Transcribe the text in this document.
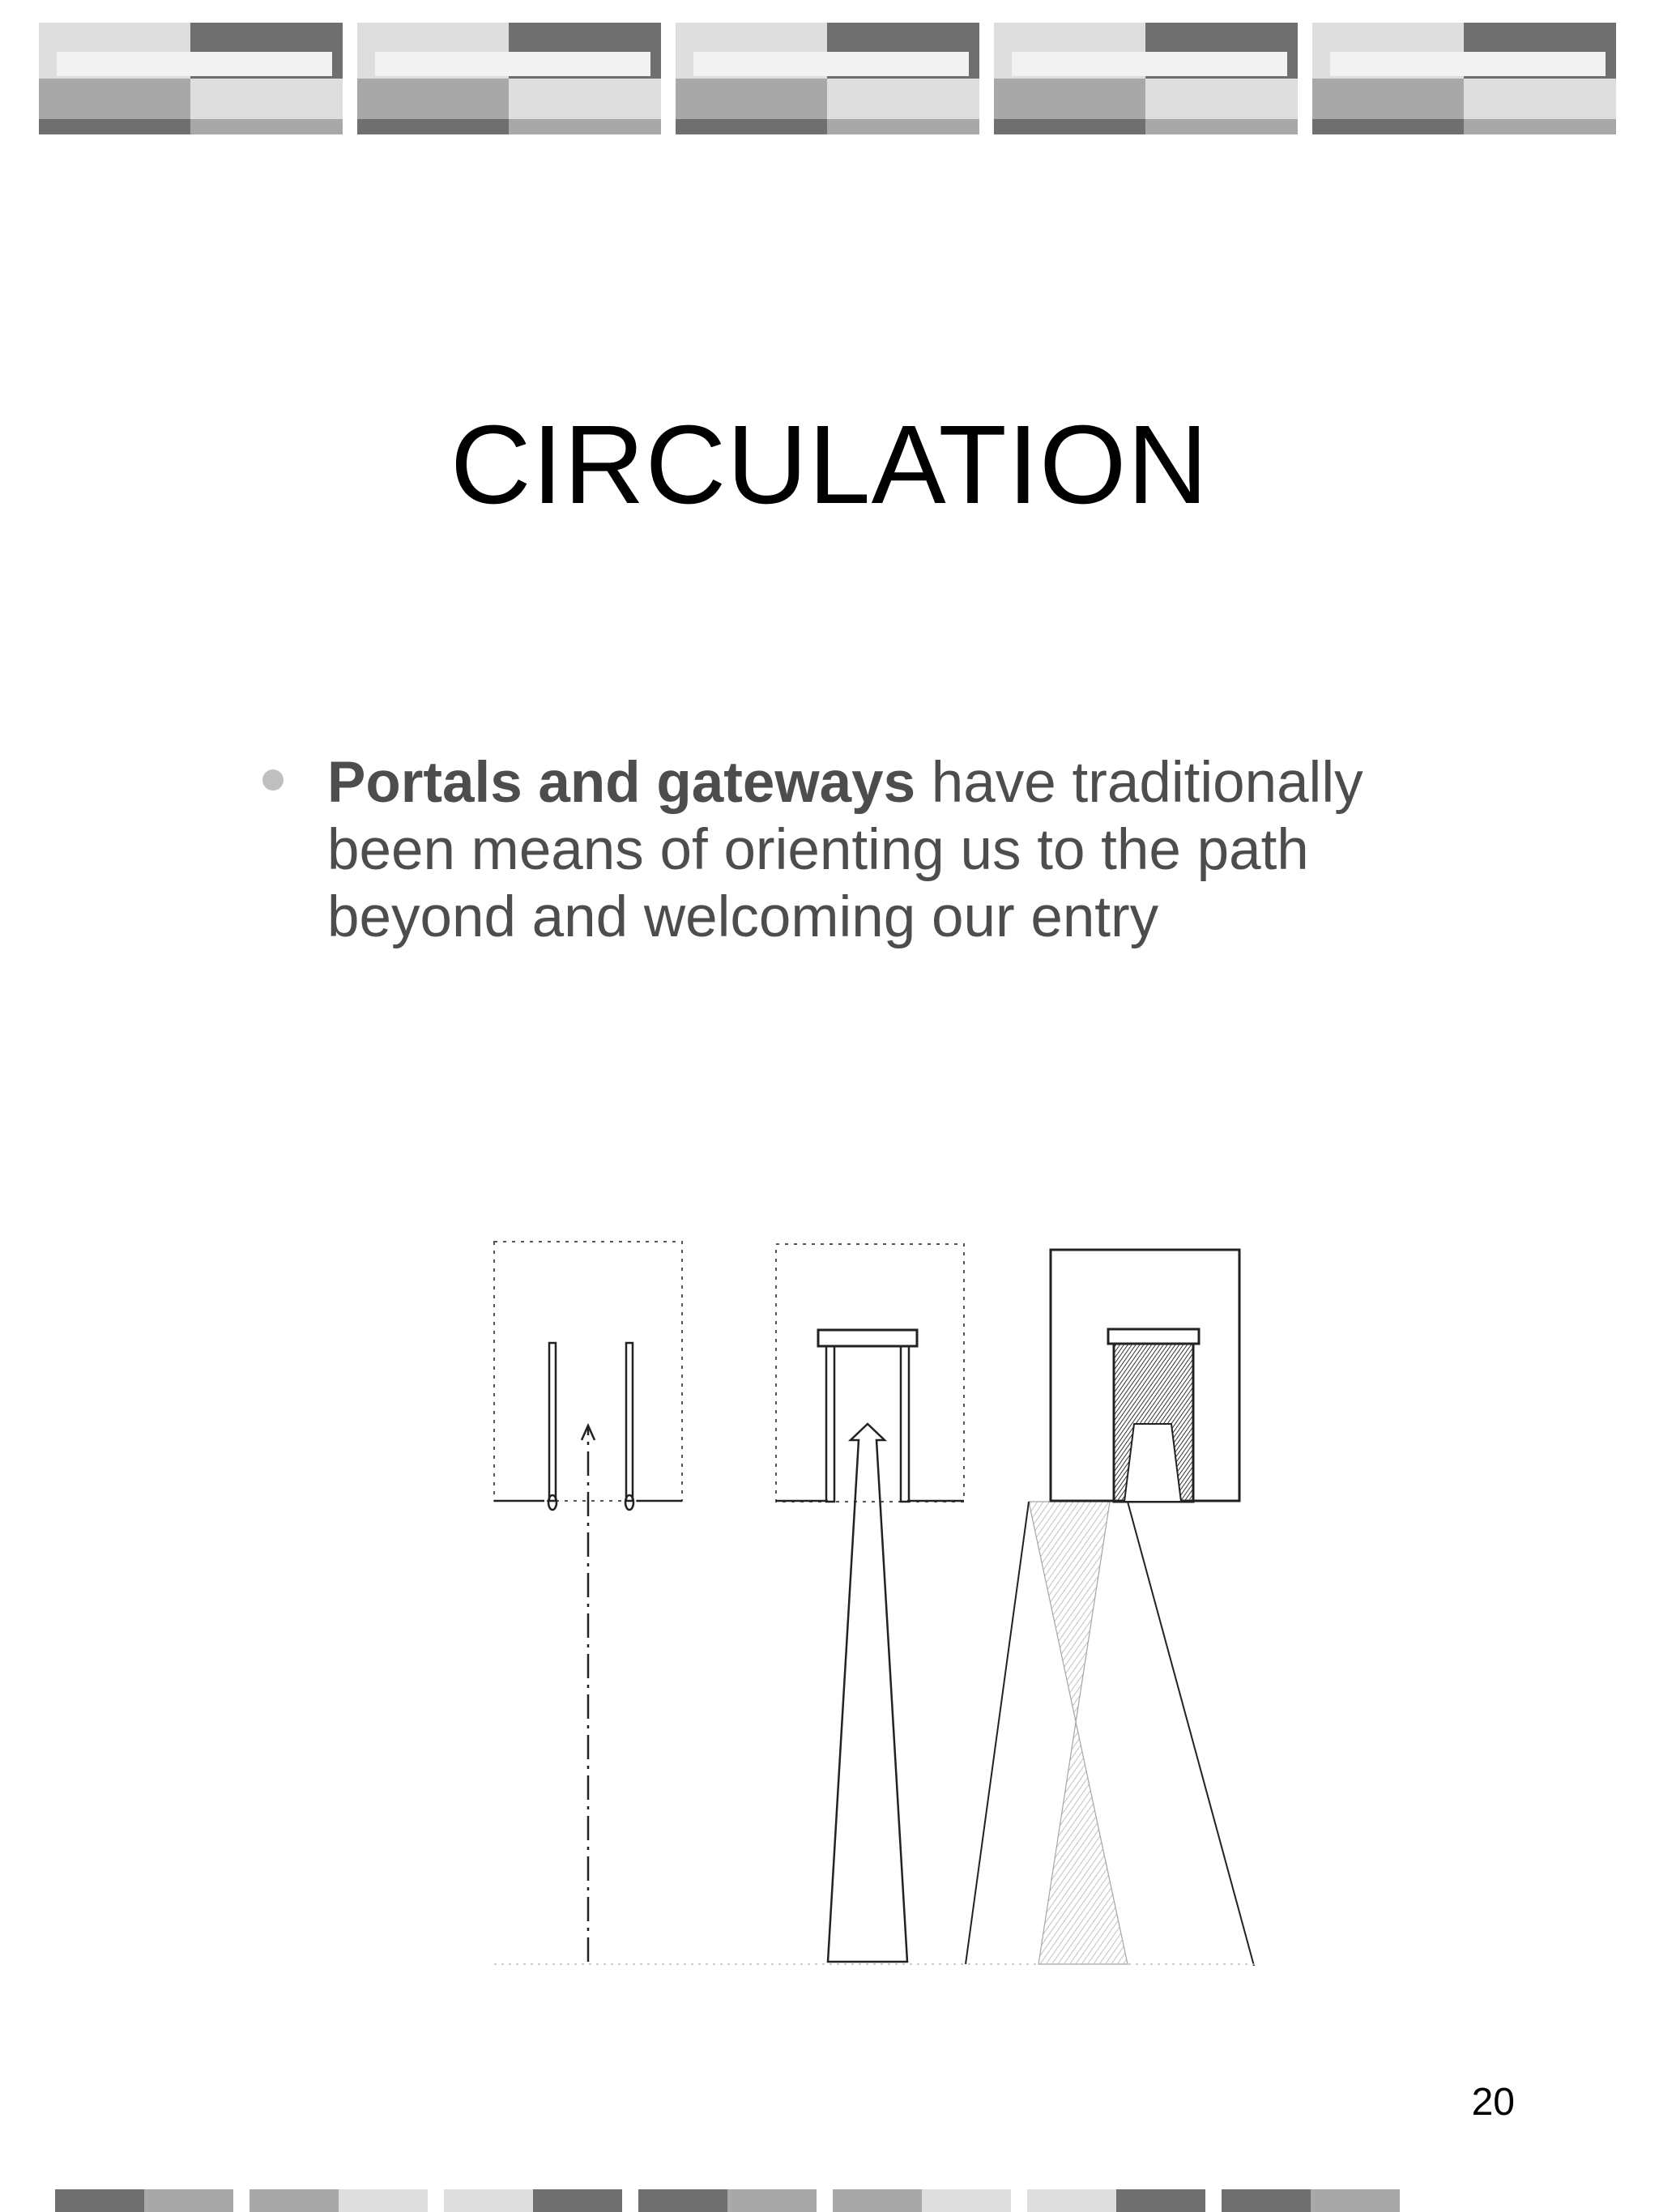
CIRCULATION
Portals and gateways have traditionally been means of orienting us to the path beyond and welcoming our entry
20
